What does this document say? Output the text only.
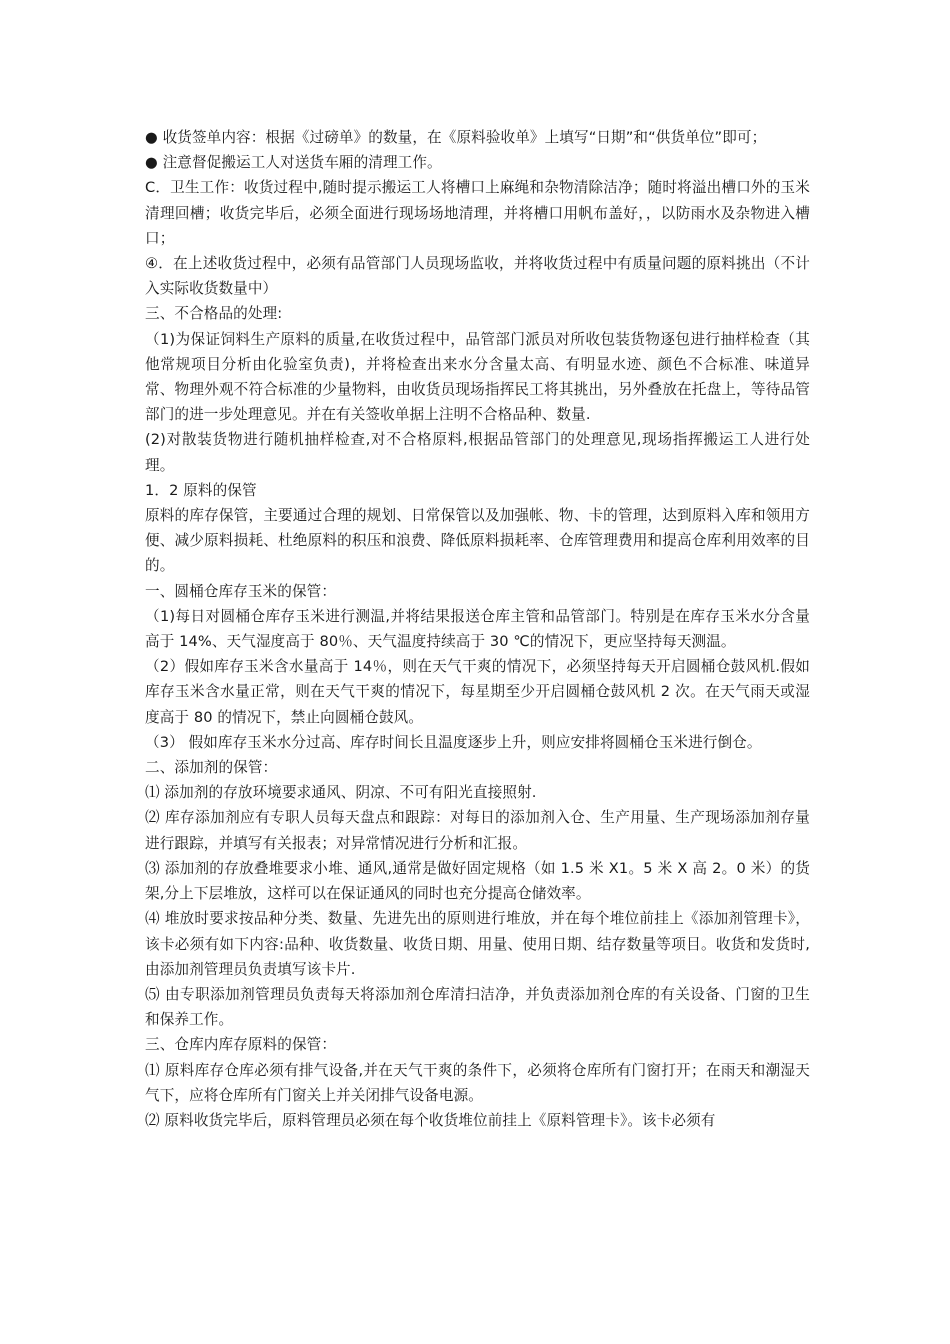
● 收货签单内容：根据《过磅单》的数量，在《原料验收单》上填写“日期”和“供货单位”即可；

● 注意督促搬运工人对送货车厢的清理工作。

C．卫生工作：收货过程中,随时提示搬运工人将槽口上麻绳和杂物清除洁净；随时将溢出槽口外的玉米清理回槽；收货完毕后，必须全面进行现场场地清理，并将槽口用帆布盖好，，以防雨水及杂物进入槽口；

④．在上述收货过程中，必须有品管部门人员现场监收，并将收货过程中有质量问题的原料挑出（不计入实际收货数量中）

三、不合格品的处理:

（1)为保证饲料生产原料的质量,在收货过程中，品管部门派员对所收包装货物逐包进行抽样检查（其他常规项目分析由化验室负责)，并将检查出来水分含量太高、有明显水迹、颜色不合标准、味道异常、物理外观不符合标准的少量物料，由收货员现场指挥民工将其挑出，另外叠放在托盘上，等待品管部门的进一步处理意见。并在有关签收单据上注明不合格品种、数量.

(2)对散装货物进行随机抽样检查,对不合格原料,根据品管部门的处理意见,现场指挥搬运工人进行处理。

1．2 原料的保管

原料的库存保管，主要通过合理的规划、日常保管以及加强帐、物、卡的管理，达到原料入库和领用方便、减少原料损耗、杜绝原料的积压和浪费、降低原料损耗率、仓库管理费用和提高仓库利用效率的目的。

一、圆桶仓库存玉米的保管：

（1)每日对圆桶仓库存玉米进行测温,并将结果报送仓库主管和品管部门。特别是在库存玉米水分含量高于 14%、天气湿度高于 80％、天气温度持续高于 30 ℃的情况下，更应坚持每天测温。

（2）假如库存玉米含水量高于 14％，则在天气干爽的情况下，必须坚持每天开启圆桶仓鼓风机.假如库存玉米含水量正常，则在天气干爽的情况下，每星期至少开启圆桶仓鼓风机 2 次。在天气雨天或湿度高于 80 的情况下，禁止向圆桶仓鼓风。

（3） 假如库存玉米水分过高、库存时间长且温度逐步上升，则应安排将圆桶仓玉米进行倒仓。

二、添加剂的保管：

⑴ 添加剂的存放环境要求通风、阴凉、不可有阳光直接照射.

⑵ 库存添加剂应有专职人员每天盘点和跟踪：对每日的添加剂入仓、生产用量、生产现场添加剂存量进行跟踪，并填写有关报表；对异常情况进行分析和汇报。

⑶ 添加剂的存放叠堆要求小堆、通风,通常是做好固定规格（如 1.5 米 X1。5 米 X 高 2。0 米）的货架,分上下层堆放，这样可以在保证通风的同时也充分提高仓储效率。

⑷ 堆放时要求按品种分类、数量、先进先出的原则进行堆放，并在每个堆位前挂上《添加剂管理卡》，该卡必须有如下内容:品种、收货数量、收货日期、用量、使用日期、结存数量等项目。收货和发货时,由添加剂管理员负责填写该卡片.

⑸ 由专职添加剂管理员负责每天将添加剂仓库清扫洁净，并负责添加剂仓库的有关设备、门窗的卫生和保养工作。

三、仓库内库存原料的保管：

⑴ 原料库存仓库必须有排气设备,并在天气干爽的条件下，必须将仓库所有门窗打开；在雨天和潮湿天气下，应将仓库所有门窗关上并关闭排气设备电源。

⑵ 原料收货完毕后，原料管理员必须在每个收货堆位前挂上《原料管理卡》。该卡必须有
